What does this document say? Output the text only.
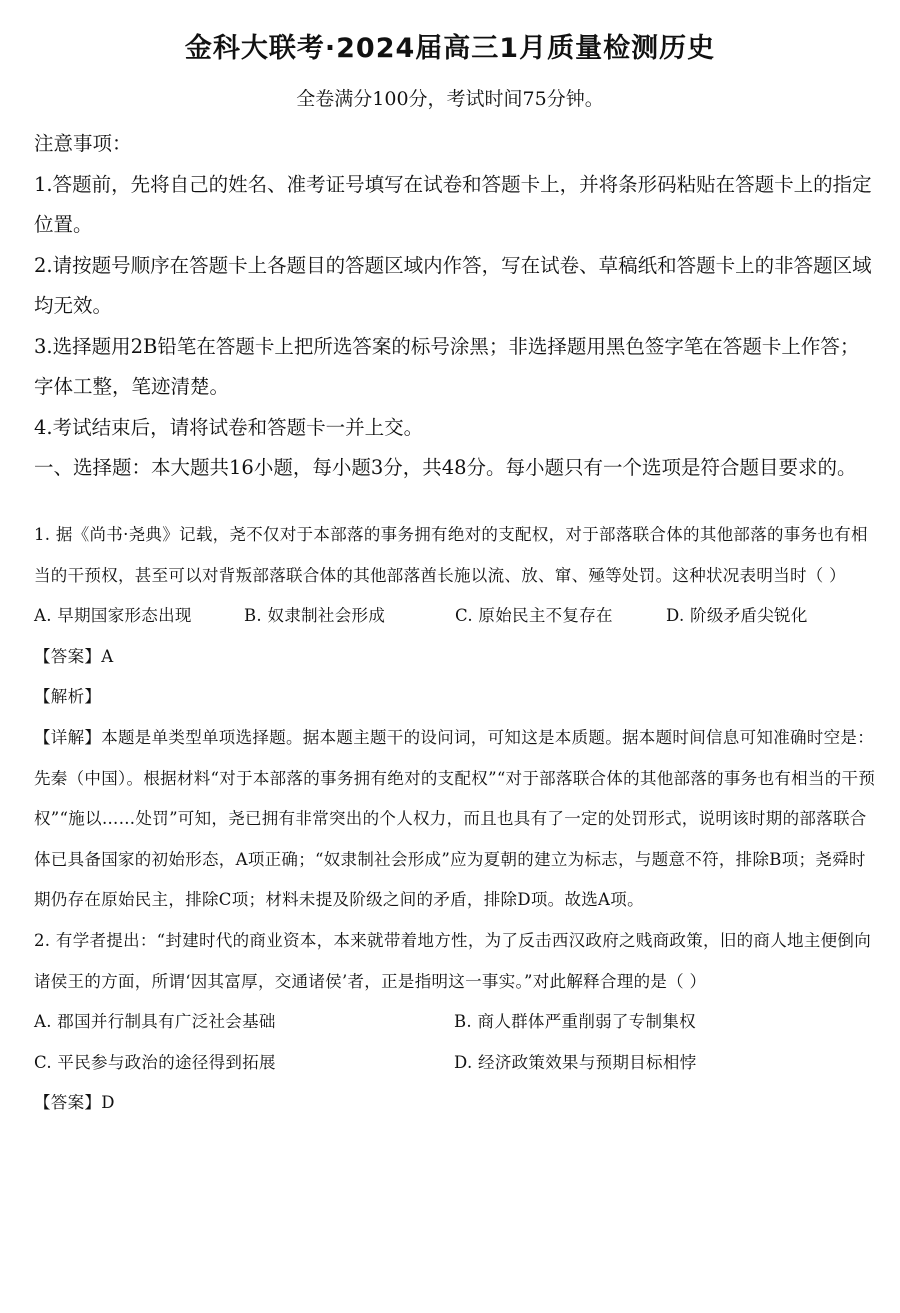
金科大联考·2024届高三1月质量检测历史
全卷满分100分，考试时间75分钟。

注意事项：

1.答题前，先将自己的姓名、准考证号填写在试卷和答题卡上，并将条形码粘贴在答题卡上的指定位置。

2.请按题号顺序在答题卡上各题目的答题区域内作答，写在试卷、草稿纸和答题卡上的非答题区域均无效。

3.选择题用2B铅笔在答题卡上把所选答案的标号涂黑；非选择题用黑色签字笔在答题卡上作答；字体工整，笔迹清楚。

4.考试结束后，请将试卷和答题卡一并上交。

一、选择题：本大题共16小题，每小题3分，共48分。每小题只有一个选项是符合题目要求的。

1. 据《尚书·尧典》记载，尧不仅对于本部落的事务拥有绝对的支配权，对于部落联合体的其他部落的事务也有相当的干预权，甚至可以对背叛部落联合体的其他部落酋长施以流、放、窜、殛等处罚。这种状况表明当时（ ）

A. 早期国家形态出现	B. 奴隶制社会形成	C. 原始民主不复存在	D. 阶级矛盾尖锐化

【答案】A

【解析】

【详解】本题是单类型单项选择题。据本题主题干的设问词，可知这是本质题。据本题时间信息可知准确时空是：先秦（中国）。根据材料“对于本部落的事务拥有绝对的支配权”“对于部落联合体的其他部落的事务也有相当的干预权”“施以……处罚”可知，尧已拥有非常突出的个人权力，而且也具有了一定的处罚形式，说明该时期的部落联合体已具备国家的初始形态，A项正确；“奴隶制社会形成”应为夏朝的建立为标志，与题意不符，排除B项；尧舜时期仍存在原始民主，排除C项；材料未提及阶级之间的矛盾，排除D项。故选A项。

2. 有学者提出：“封建时代的商业资本，本来就带着地方性，为了反击西汉政府之贱商政策，旧的商人地主便倒向诸侯王的方面，所谓‘因其富厚，交通诸侯’者，正是指明这一事实。”对此解释合理的是（ ）

A. 郡国并行制具有广泛社会基础	B. 商人群体严重削弱了专制集权
C. 平民参与政治的途径得到拓展	D. 经济政策效果与预期目标相悖

【答案】D
